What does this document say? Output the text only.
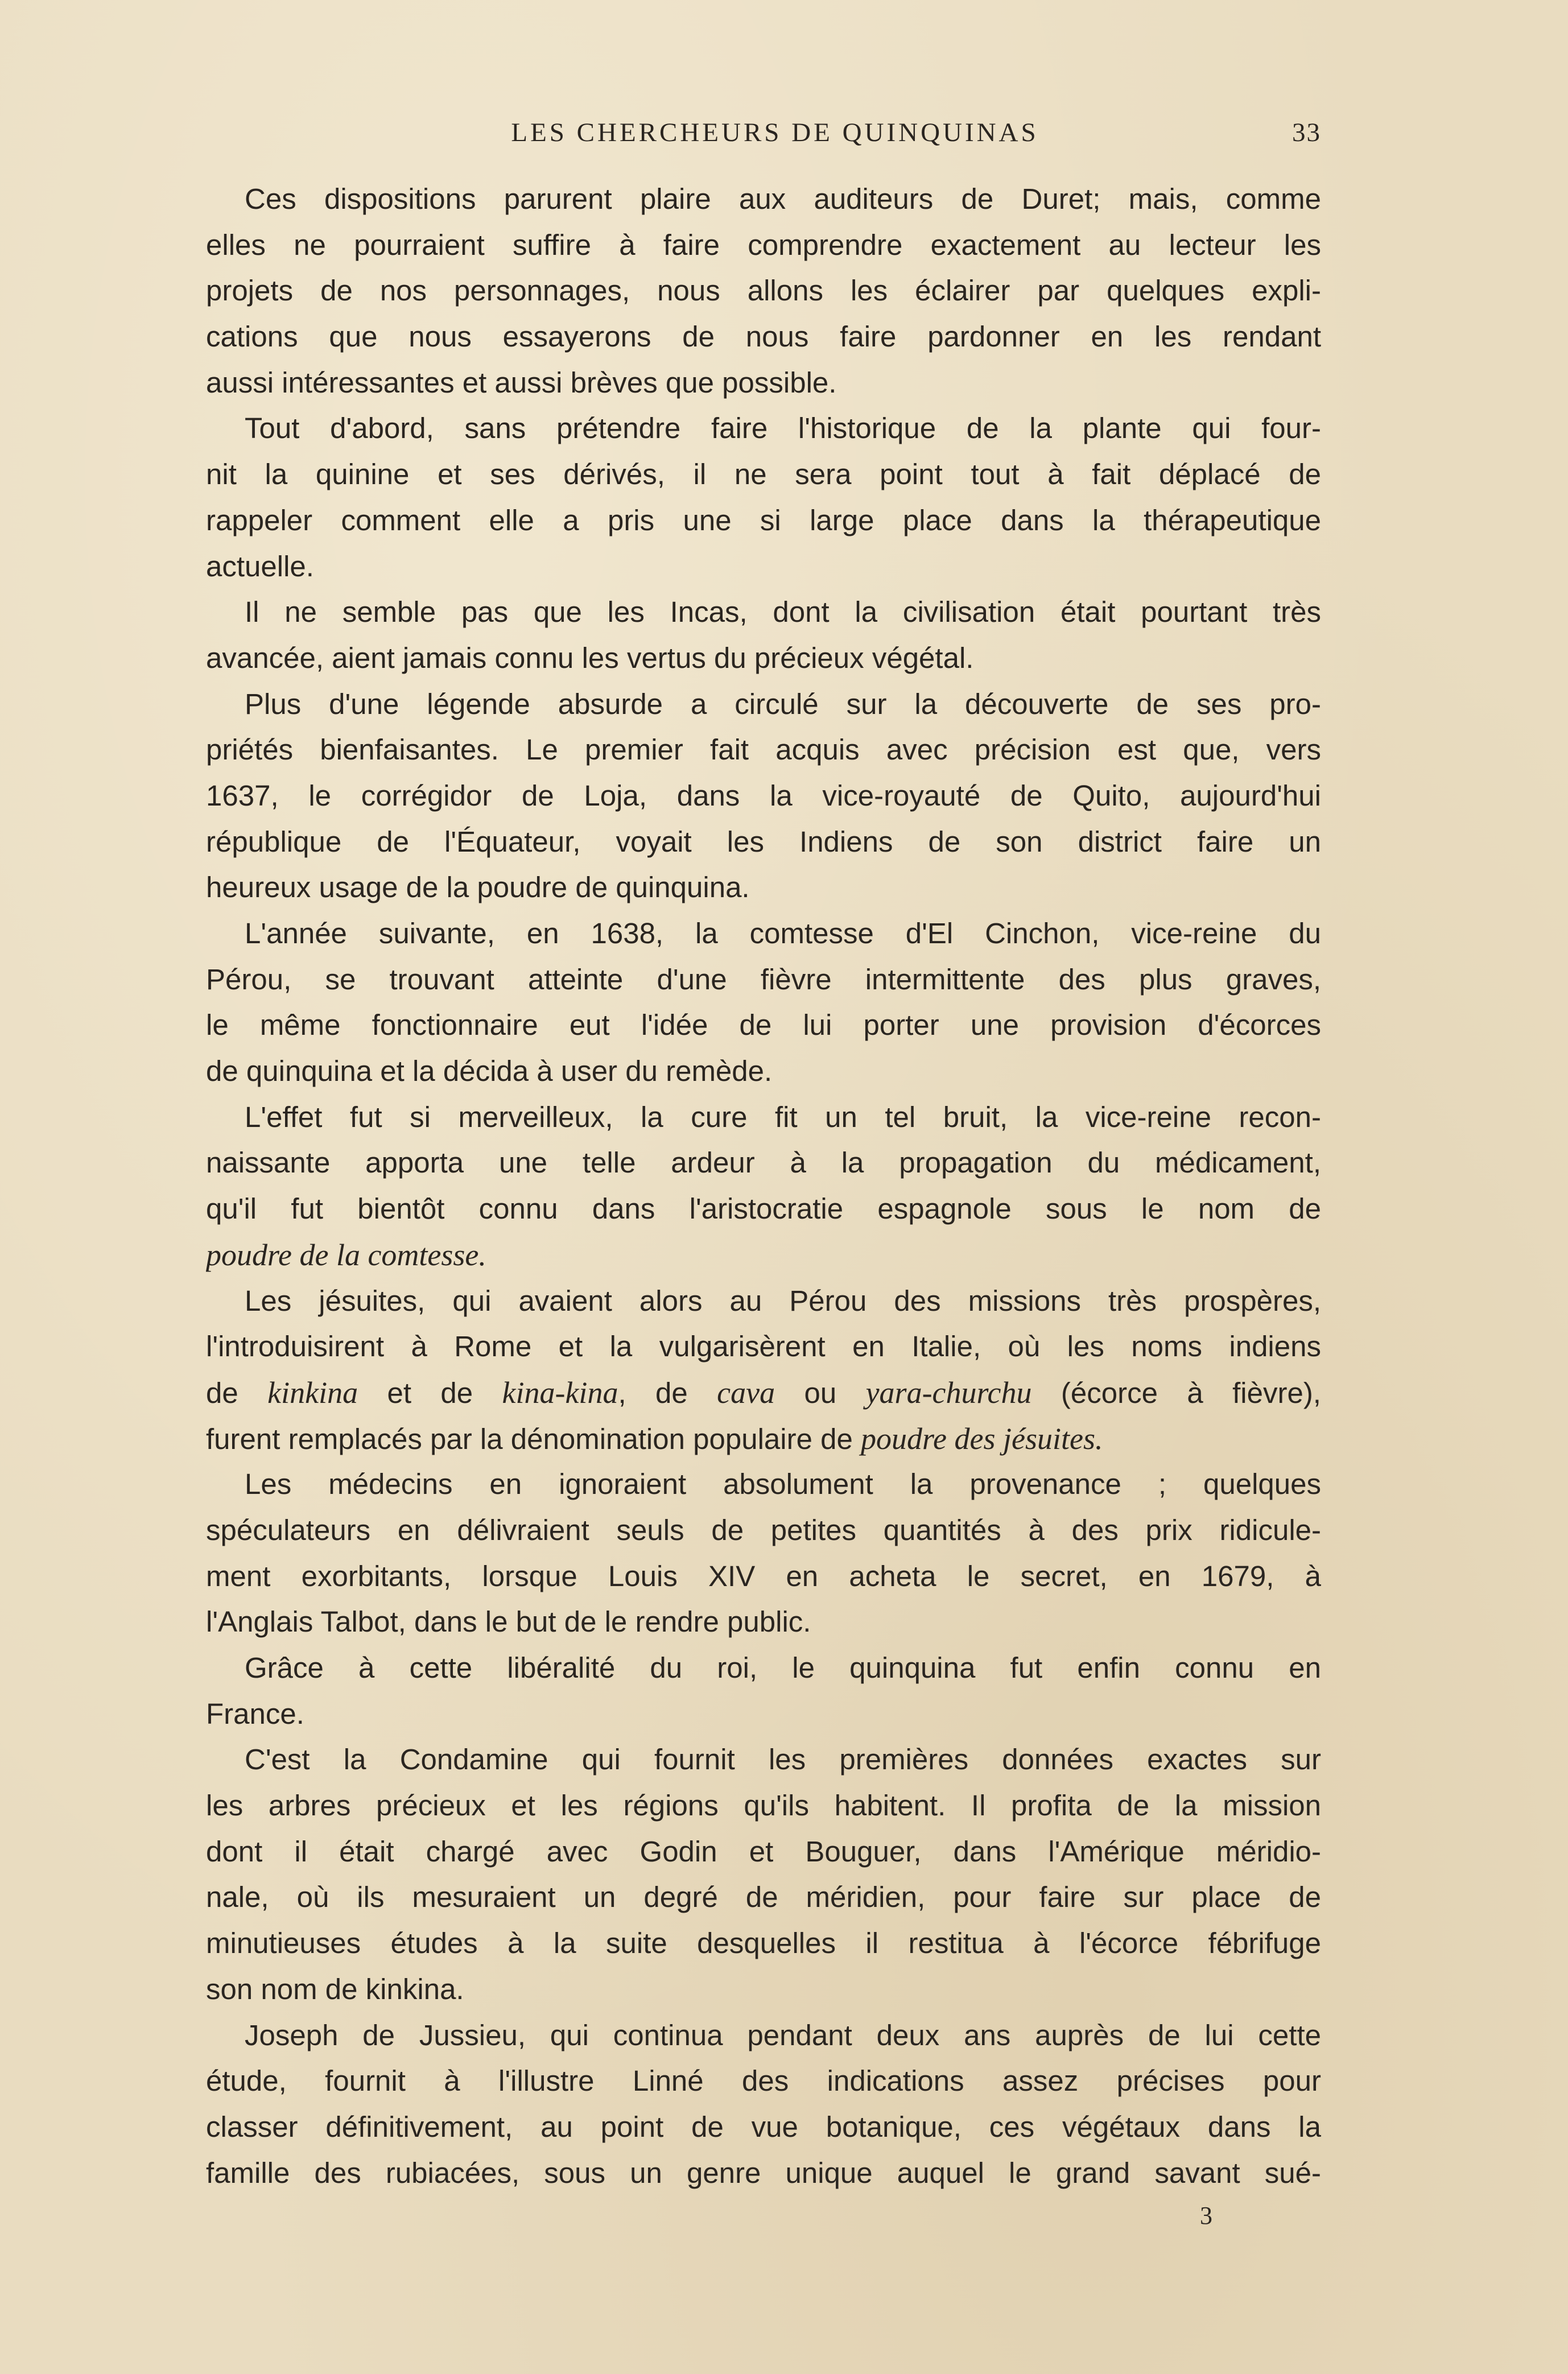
LES CHERCHEURS DE QUINQUINAS	33
Ces dispositions parurent plaire aux auditeurs de Duret; mais, comme
elles ne pourraient suffire à faire comprendre exactement au lecteur les
projets de nos personnages, nous allons les éclairer par quelques expli-
cations que nous essayerons de nous faire pardonner en les rendant
aussi intéressantes et aussi brèves que possible.
Tout d'abord, sans prétendre faire l'historique de la plante qui four-
nit la quinine et ses dérivés, il ne sera point tout à fait déplacé de
rappeler comment elle a pris une si large place dans la thérapeutique
actuelle.
Il ne semble pas que les Incas, dont la civilisation était pourtant très
avancée, aient jamais connu les vertus du précieux végétal.
Plus d'une légende absurde a circulé sur la découverte de ses pro-
priétés bienfaisantes. Le premier fait acquis avec précision est que, vers
1637, le corrégidor de Loja, dans la vice-royauté de Quito, aujourd'hui
république de l'Équateur, voyait les Indiens de son district faire un
heureux usage de la poudre de quinquina.
L'année suivante, en 1638, la comtesse d'El Cinchon, vice-reine du
Pérou, se trouvant atteinte d'une fièvre intermittente des plus graves,
le même fonctionnaire eut l'idée de lui porter une provision d'écorces
de quinquina et la décida à user du remède.
L'effet fut si merveilleux, la cure fit un tel bruit, la vice-reine recon-
naissante apporta une telle ardeur à la propagation du médicament,
qu'il fut bientôt connu dans l'aristocratie espagnole sous le nom de
poudre de la comtesse.
Les jésuites, qui avaient alors au Pérou des missions très prospères,
l'introduisirent à Rome et la vulgarisèrent en Italie, où les noms indiens
de kinkina et de kina-kina, de cava ou yara-churchu (écorce à fièvre),
furent remplacés par la dénomination populaire de poudre des jésuites.
Les médecins en ignoraient absolument la provenance ; quelques
spéculateurs en délivraient seuls de petites quantités à des prix ridicule-
ment exorbitants, lorsque Louis XIV en acheta le secret, en 1679, à
l'Anglais Talbot, dans le but de le rendre public.
Grâce à cette libéralité du roi, le quinquina fut enfin connu en
France.
C'est la Condamine qui fournit les premières données exactes sur
les arbres précieux et les régions qu'ils habitent. Il profita de la mission
dont il était chargé avec Godin et Bouguer, dans l'Amérique méridio-
nale, où ils mesuraient un degré de méridien, pour faire sur place de
minutieuses études à la suite desquelles il restitua à l'écorce fébrifuge
son nom de kinkina.
Joseph de Jussieu, qui continua pendant deux ans auprès de lui cette
étude, fournit à l'illustre Linné des indications assez précises pour
classer définitivement, au point de vue botanique, ces végétaux dans la
famille des rubiacées, sous un genre unique auquel le grand savant sué-
3
